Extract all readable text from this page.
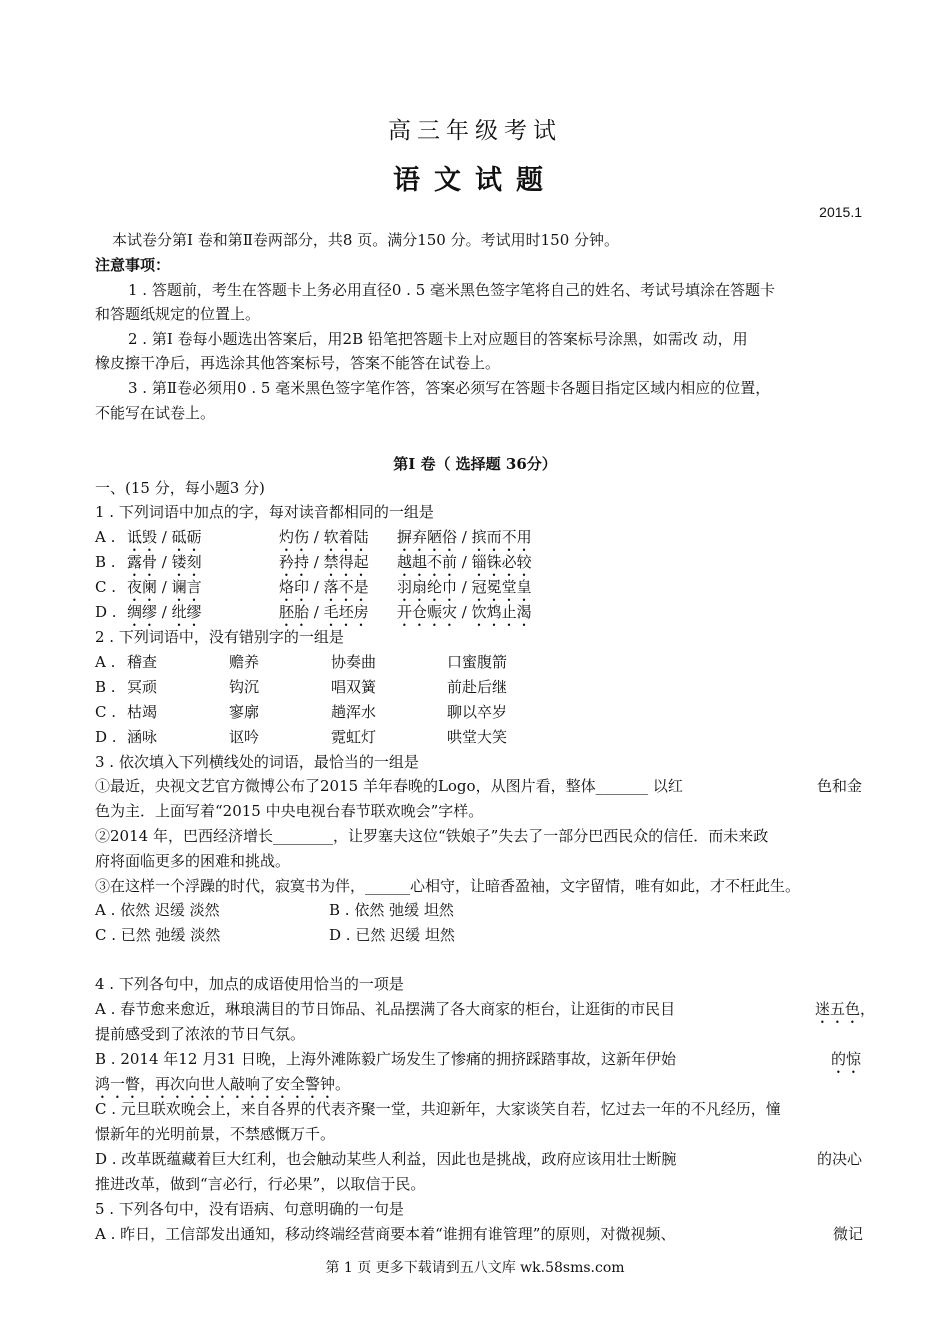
高三年级考试
语文试题
2015.1
本试卷分第Ⅰ 卷和第Ⅱ卷两部分，共8 页。满分150 分。考试用时150 分钟。
注意事项：
1 . 答题前，考生在答题卡上务必用直径0 . 5 毫米黑色签字笔将自己的姓名、考试号填涂在答题卡
和答题纸规定的位置上。
2 . 第Ⅰ 卷每小题选出答案后，用2B 铅笔把答题卡上对应题目的答案标号涂黑，如需改 动，用
橡皮擦干净后，再选涂其他答案标号，答案不能答在试卷上。
3 . 第Ⅱ卷必须用0 . 5 毫米黑色签字笔作答，答案必须写在答题卡各题目指定区域内相应的位置，
不能写在试卷上。
第Ⅰ 卷（ 选择题 36分）
一、(15 分，每小题3 分)
1 . 下列词语中加点的字，每对读音都相同的一组是
A . 诋毁 / 砥砺	灼伤 / 软着陆 摒弃陋俗 / 摈而不用
B . 露骨 / 镂刻	矜持 / 禁得起 越趄不前 / 锱铢必较
C . 夜阑 / 谰言	烙印 / 落不是 羽扇纶巾 / 冠冕堂皇
D . 绸缪 / 纰缪	胚胎 / 毛坯房 开仓赈灾 / 饮鸩止渴
2 . 下列词语中，没有错别字的一组是
A . 稽查	赡养	协奏曲	口蜜腹箭
B . 冥顽	钩沉	唱双簧	前赴后继
C . 枯竭	寥廓	趟浑水	聊以卒岁
D . 涵咏	讴吟	霓虹灯	哄堂大笑
3 . 依次填入下列横线处的词语，最恰当的一组是
①最近，央视文艺官方微博公布了2015 羊年春晚的Logo，从图片看，整体_______ 以红	色和金
色为主．上面写着“2015 中央电视台春节联欢晚会”字样。
②2014 年，巴西经济增长________，让罗塞夫这位“铁娘子”失去了一部分巴西民众的信任．而未来政
府将面临更多的困难和挑战。
③在这样一个浮躁的时代，寂寞书为伴，______心相守，让暗香盈袖，文字留情，唯有如此，才不枉此生。
A . 依然 迟缓 淡然	B . 依然 弛缓 坦然
C . 已然 弛缓 淡然	D . 已然 迟缓 坦然
4 . 下列各句中，加点的成语使用恰当的一项是
A . 春节愈来愈近，琳琅满目的节日饰品、礼品摆满了各大商家的柜台，让逛街的市民目	迷五色，
提前感受到了浓浓的节日气氛。
B . 2014 年12 月31 日晚，上海外滩陈毅广场发生了惨痛的拥挤踩踏事故，这新年伊始	的惊
鸿一瞥，再次向世人敲响了安全警钟。
C . 元旦联欢晚会上，来自各界的代表齐聚一堂，共迎新年，大家谈笑自若，忆过去一年的不凡经历，憧
憬新年的光明前景，不禁感慨万千。
D . 改革既蕴藏着巨大红利，也会触动某些人利益，因此也是挑战，政府应该用壮士断腕	的决心
推进改革，做到“言必行，行必果”，以取信于民。
5 . 下列各句中，没有语病、句意明确的一句是
A . 昨日，工信部发出通知，移动终端经营商要本着“谁拥有谁管理”的原则，对微视频、	微记
第 1 页 更多下载请到五八文库 wk.58sms.com
